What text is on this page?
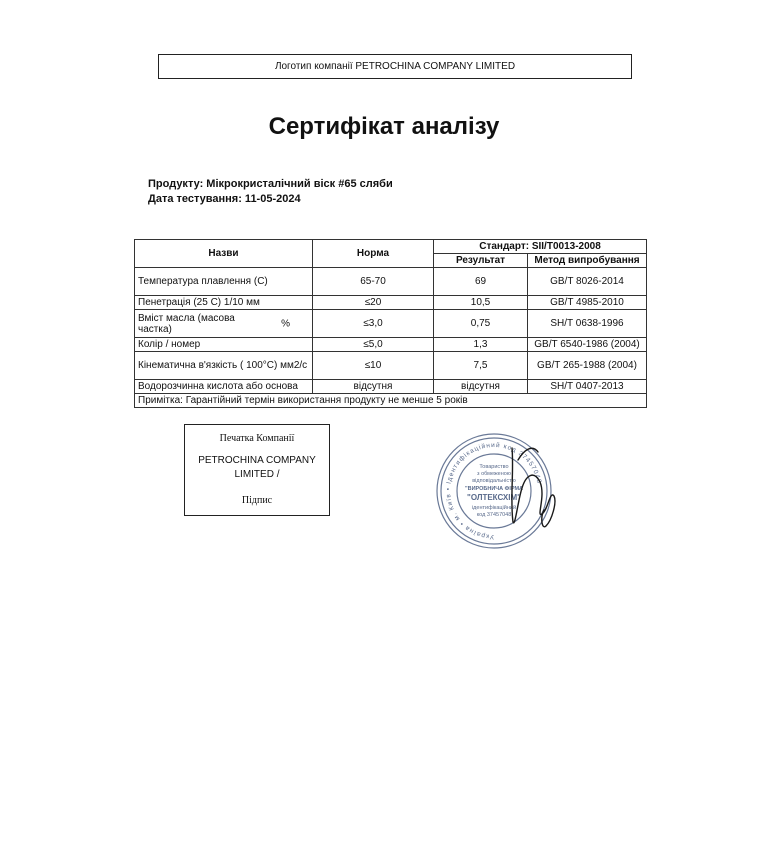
Логотип компанії PETROCHINA COMPANY LIMITED
Сертифікат аналізу
Продукту: Мікрокристалічний віск #65 сляби
Дата тестування: 11-05-2024
Назви	Норма	Стандарт: SII/T0013-2008	
		Результат	Метод випробування
Температура плавлення (C)	65-70	69	GB/T 8026-2014
Пенетрація (25 C) 1/10 мм	≤20	10,5	GB/T 4985-2010

Вміст масла (масова частка) %	≤3,0	0,75	SH/T 0638-1996
Колір / номер	≤5,0	1,3	GB/T 6540-1986 (2004)
Кінематична в'язкість ( 100°C) мм2/с	≤10	7,5	GB/T 265-1988 (2004)
Водорозчинна кислота або основа	відсутня	відсутня	SH/T 0407-2013
Примітка: Гарантійний термін використання продукту не менше 5 років			
Печатка Компанії
PETROCHINA COMPANY
LIMITED /
Підпис
Україна • м. Київ • Ідентифікаційний код 37457048
Товариство
з обмеженою
відповідальністю
"ВИРОБНИЧА ФІРМА
"ОЛТЕКСХІМ"
ідентифікаційний
код 37457048
